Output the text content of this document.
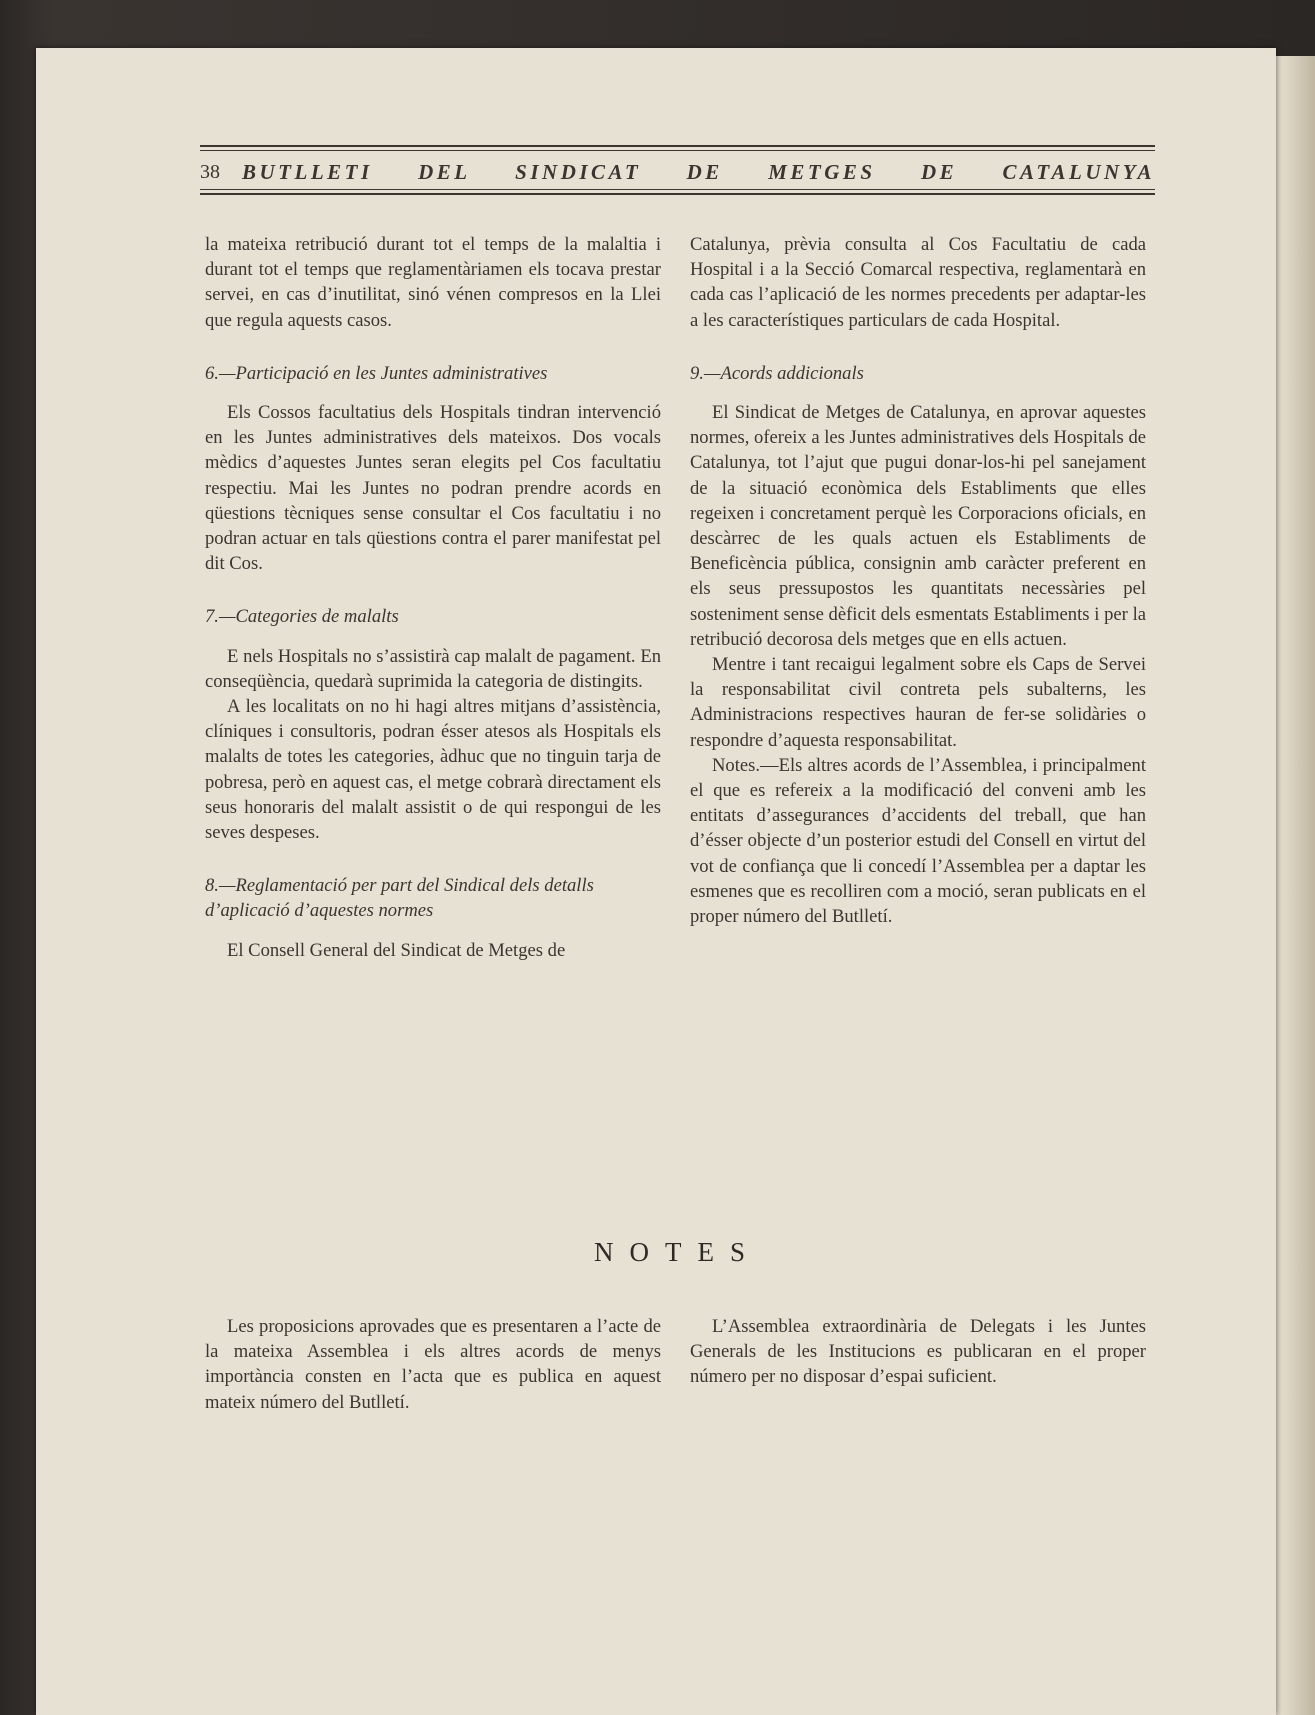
38 BUTLLETI DEL SINDICAT DE METGES DE CATALUNYA

la mateixa retribució durant tot el temps de la malaltia i durant tot el temps que reglamentàriamen els tocava prestar servei, en cas d’inutilitat, sinó vénen compresos en la Llei que regula aquests casos.

6.—Participació en les Juntes administratives

Els Cossos facultatius dels Hospitals tindran intervenció en les Juntes administratives dels mateixos. Dos vocals mèdics d’aquestes Juntes seran elegits pel Cos facultatiu respectiu. Mai les Juntes no podran prendre acords en qüestions tècniques sense consultar el Cos facultatiu i no podran actuar en tals qüestions contra el parer manifestat pel dit Cos.

7.—Categories de malalts

E nels Hospitals no s’assistirà cap malalt de pagament. En conseqüència, quedarà suprimida la categoria de distingits.

A les localitats on no hi hagi altres mitjans d’assistència, clíniques i consultoris, podran ésser atesos als Hospitals els malalts de totes les categories, àdhuc que no tinguin tarja de pobresa, però en aquest cas, el metge cobrarà directament els seus honoraris del malalt assistit o de qui respongui de les seves despeses.

8.—Reglamentació per part del Sindical dels detalls d’aplicació d’aquestes normes

El Consell General del Sindicat de Metges de

Catalunya, prèvia consulta al Cos Facultatiu de cada Hospital i a la Secció Comarcal respectiva, reglamentarà en cada cas l’aplicació de les normes precedents per adaptar-les a les característiques particulars de cada Hospital.

9.—Acords addicionals

El Sindicat de Metges de Catalunya, en aprovar aquestes normes, ofereix a les Juntes administratives dels Hospitals de Catalunya, tot l’ajut que pugui donar-los-hi pel sanejament de la situació econòmica dels Establiments que elles regeixen i concretament perquè les Corporacions oficials, en descàrrec de les quals actuen els Establiments de Beneficència pública, consignin amb caràcter preferent en els seus pressupostos les quantitats necessàries pel sosteniment sense dèficit dels esmentats Establiments i per la retribució decorosa dels metges que en ells actuen.

Mentre i tant recaigui legalment sobre els Caps de Servei la responsabilitat civil contreta pels subalterns, les Administracions respectives hauran de fer-se solidàries o respondre d’aquesta responsabilitat.

Notes.—Els altres acords de l’Assemblea, i principalment el que es refereix a la modificació del conveni amb les entitats d’assegurances d’accidents del treball, que han d’ésser objecte d’un posterior estudi del Consell en virtut del vot de confiança que li concedí l’Assemblea per a daptar les esmenes que es recolliren com a moció, seran publicats en el proper número del Butlletí.

NOTES

Les proposicions aprovades que es presentaren a l’acte de la mateixa Assemblea i els altres acords de menys importància consten en l’acta que es publica en aquest mateix número del Butlletí.

L’Assemblea extraordinària de Delegats i les Juntes Generals de les Institucions es publicaran en el proper número per no disposar d’espai suficient.
